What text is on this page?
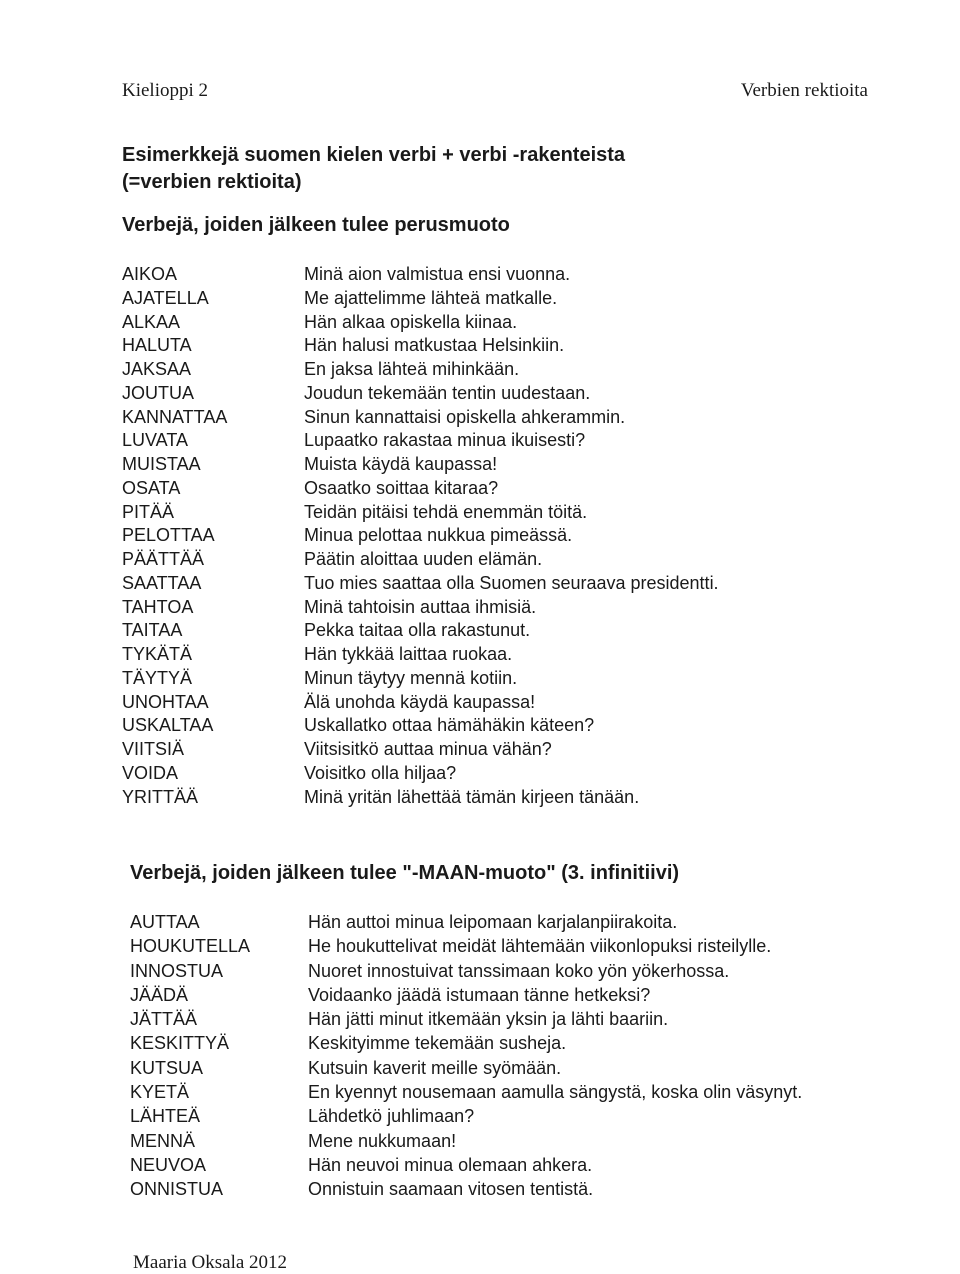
Kielioppi 2	Verbien rektioita
Esimerkkejä suomen kielen verbi + verbi -rakenteista
(=verbien rektioita)
Verbejä, joiden jälkeen tulee perusmuoto
AIKOA	Minä aion valmistua ensi vuonna.
AJATELLA	Me ajattelimme lähteä matkalle.
ALKAA	Hän alkaa opiskella kiinaa.
HALUTA	Hän halusi matkustaa Helsinkiin.
JAKSAA	En jaksa lähteä mihinkään.
JOUTUA	Joudun tekemään tentin uudestaan.
KANNATTAA	Sinun kannattaisi opiskella ahkerammin.
LUVATA	Lupaatko rakastaa minua ikuisesti?
MUISTAA	Muista käydä kaupassa!
OSATA	Osaatko soittaa kitaraa?
PITÄÄ	Teidän pitäisi tehdä enemmän töitä.
PELOTTAA	Minua pelottaa nukkua pimeässä.
PÄÄTTÄÄ	Päätin aloittaa uuden elämän.
SAATTAA	Tuo mies saattaa olla Suomen seuraava presidentti.
TAHTOA	Minä tahtoisin auttaa ihmisiä.
TAITAA	Pekka taitaa olla rakastunut.
TYKÄTÄ	Hän tykkää laittaa ruokaa.
TÄYTYÄ	Minun täytyy mennä kotiin.
UNOHTAA	Älä unohda käydä kaupassa!
USKALTAA	Uskallatko ottaa hämähäkin käteen?
VIITSIÄ	Viitsisitkö auttaa minua vähän?
VOIDA	Voisitko olla hiljaa?
YRITTÄÄ	Minä yritän lähettää tämän kirjeen tänään.
Verbejä, joiden jälkeen tulee "-MAAN-muoto" (3. infinitiivi)
AUTTAA	Hän auttoi minua leipomaan karjalanpiirakoita.
HOUKUTELLA	He houkuttelivat meidät lähtemään viikonlopuksi risteilylle.
INNOSTUA	Nuoret innostuivat tanssimaan koko yön yökerhossa.
JÄÄDÄ	Voidaanko jäädä istumaan tänne hetkeksi?
JÄTTÄÄ	Hän jätti minut itkemään yksin ja lähti baariin.
KESKITTYÄ	Keskityimme tekemään susheja.
KUTSUA	Kutsuin kaverit meille syömään.
KYETÄ	En kyennyt nousemaan aamulla sängystä, koska olin väsynyt.
LÄHTEÄ	Lähdetkö juhlimaan?
MENNÄ	Mene nukkumaan!
NEUVOA	Hän neuvoi minua olemaan ahkera.
ONNISTUA	Onnistuin saamaan vitosen tentistä.
Maaria Oksala 2012
